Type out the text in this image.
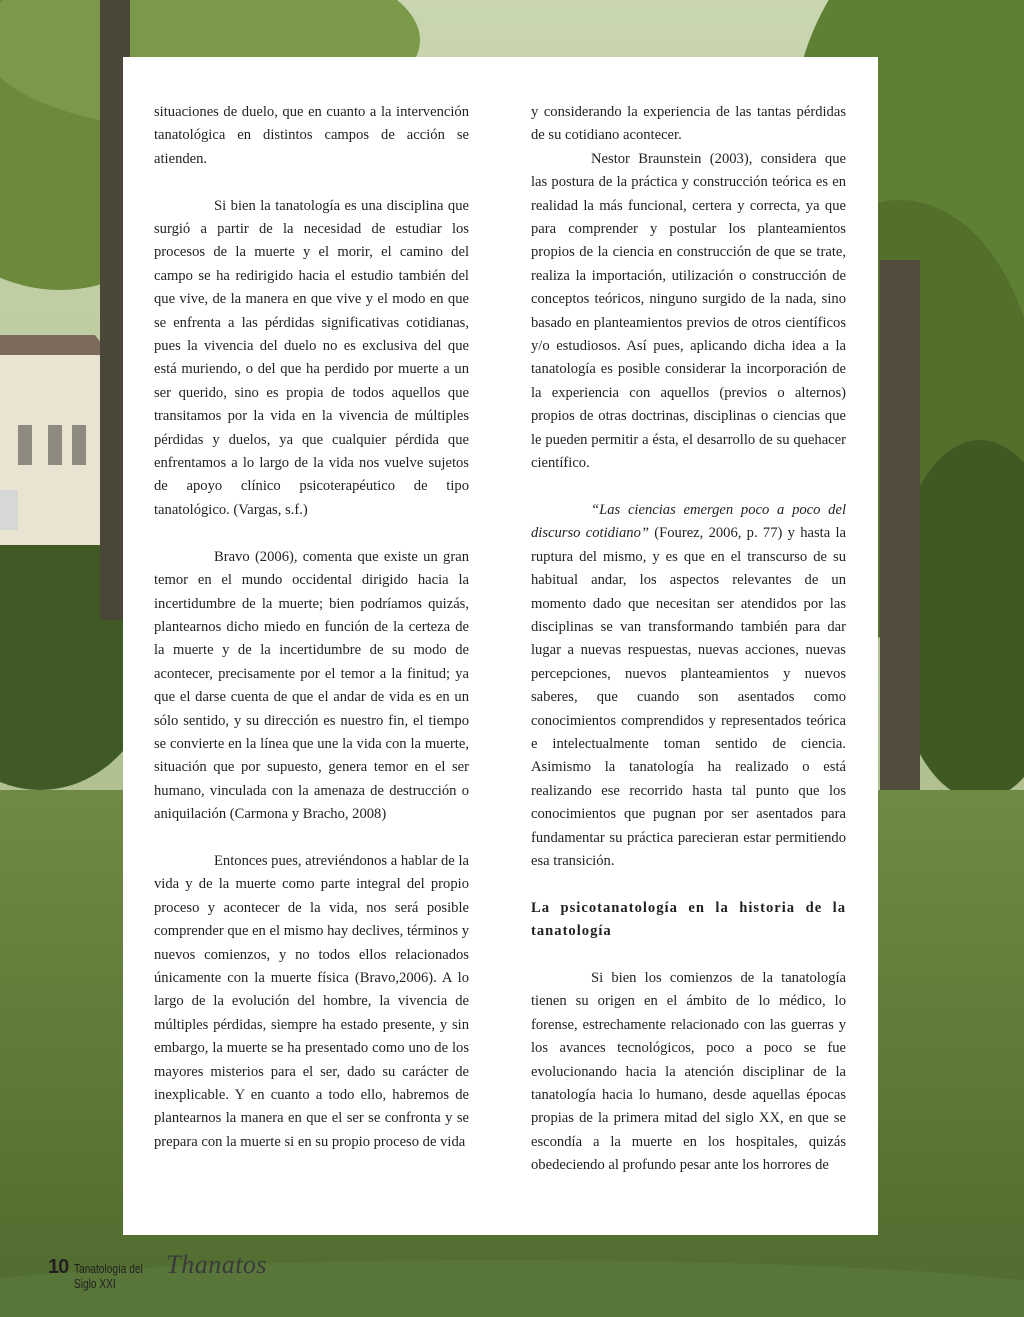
situaciones de duelo, que en cuanto a la intervención tanatológica en distintos campos de acción se atienden.

Si bien la tanatología es una disciplina que surgió a partir de la necesidad de estudiar los procesos de la muerte y el morir, el camino del campo se ha redirigido hacia el estudio también del que vive, de la manera en que vive y el modo en que se enfrenta a las pérdidas significativas cotidianas, pues la vivencia del duelo no es exclusiva del que está muriendo, o del que ha perdido por muerte a un ser querido, sino es propia de todos aquellos que transitamos por la vida en la vivencia de múltiples pérdidas y duelos, ya que cualquier pérdida que enfrentamos a lo largo de la vida nos vuelve sujetos de apoyo clínico psicoterapéutico de tipo tanatológico. (Vargas, s.f.)

Bravo (2006), comenta que existe un gran temor en el mundo occidental dirigido hacia la incertidumbre de la muerte; bien podríamos quizás, plantearnos dicho miedo en función de la certeza de la muerte y de la incertidumbre de su modo de acontecer, precisamente por el temor a la finitud; ya que el darse cuenta de que el andar de vida es en un sólo sentido, y su dirección es nuestro fin, el tiempo se convierte en la línea que une la vida con la muerte, situación que por supuesto, genera temor en el ser humano, vinculada con la amenaza de destrucción o aniquilación (Carmona y Bracho, 2008)

Entonces pues, atreviéndonos a hablar de la vida y de la muerte como parte integral del propio proceso y acontecer de la vida, nos será posible comprender que en el mismo hay declives, términos y nuevos comienzos, y no todos ellos relacionados únicamente con la muerte física (Bravo,2006). A lo largo de la evolución del hombre, la vivencia de múltiples pérdidas, siempre ha estado presente, y sin embargo, la muerte se ha presentado como uno de los mayores misterios para el ser, dado su carácter de inexplicable. Y en cuanto a todo ello, habremos de plantearnos la manera en que el ser se confronta y se prepara con la muerte si en su propio proceso de vida

y considerando la experiencia de las tantas pérdidas de su cotidiano acontecer.

Nestor Braunstein (2003), considera que las postura de la práctica y construcción teórica es en realidad la más funcional, certera y correcta, ya que para comprender y postular los planteamientos propios de la ciencia en construcción de que se trate, realiza la importación, utilización o construcción de conceptos teóricos, ninguno surgido de la nada, sino basado en planteamientos previos de otros científicos y/o estudiosos. Así pues, aplicando dicha idea a la tanatología es posible considerar la incorporación de la experiencia con aquellos (previos o alternos) propios de otras doctrinas, disciplinas o ciencias que le pueden permitir a ésta, el desarrollo de su quehacer científico.

“Las ciencias emergen poco a poco del discurso cotidiano” (Fourez, 2006, p. 77) y hasta la ruptura del mismo, y es que en el transcurso de su habitual andar, los aspectos relevantes de un momento dado que necesitan ser atendidos por las disciplinas se van transformando también para dar lugar a nuevas respuestas, nuevas acciones, nuevas percepciones, nuevos planteamientos y nuevos saberes, que cuando son asentados como conocimientos comprendidos y representados teórica e intelectualmente toman sentido de ciencia. Asimismo la tanatología ha realizado o está realizando ese recorrido hasta tal punto que los conocimientos que pugnan por ser asentados para fundamentar su práctica parecieran estar permitiendo esa transición.

La psicotanatología en la historia de la tanatología

Si bien los comienzos de la tanatología tienen su origen en el ámbito de lo médico, lo forense, estrechamente relacionado con las guerras y los avances tecnológicos, poco a poco se fue evolucionando hacia la atención disciplinar de la tanatología hacia lo humano, desde aquellas épocas propias de la primera mitad del siglo XX, en que se escondía a la muerte en los hospitales, quizás obedeciendo al profundo pesar ante los horrores de

10 Tanatología del Siglo XXI
Thanatos
